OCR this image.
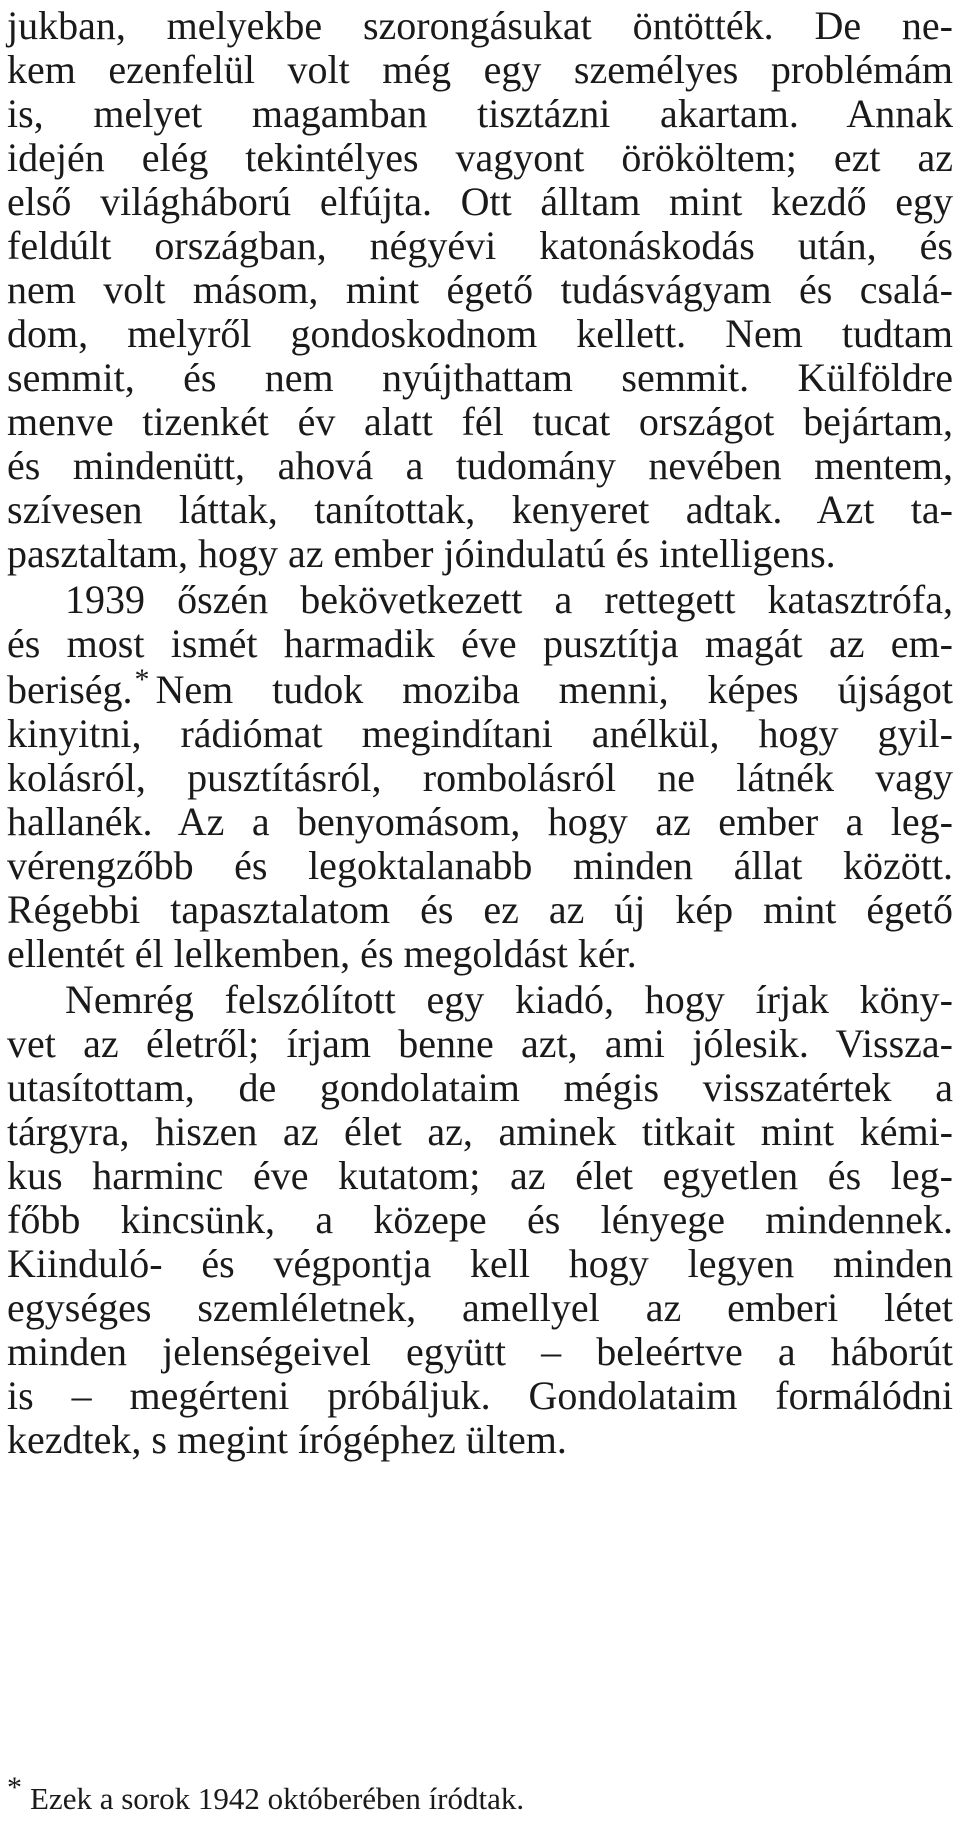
jukban, melyekbe szorongásukat öntötték. De ne-
kem ezenfelül volt még egy személyes problémám
is, melyet magamban tisztázni akartam. Annak
idején elég tekintélyes vagyont örököltem; ezt az
első világháború elfújta. Ott álltam mint kezdő egy
feldúlt országban, négyévi katonáskodás után, és
nem volt másom, mint égető tudásvágyam és csalá-
dom, melyről gondoskodnom kellett. Nem tudtam
semmit, és nem nyújthattam semmit. Külföldre
menve tizenkét év alatt fél tucat országot bejártam,
és mindenütt, ahová a tudomány nevében mentem,
szívesen láttak, tanítottak, kenyeret adtak. Azt ta-
pasztaltam, hogy az ember jóindulatú és intelligens.
1939 őszén bekövetkezett a rettegett katasztrófa,
és most ismét harmadik éve pusztítja magát az em-
beriség.* Nem tudok moziba menni, képes újságot
kinyitni, rádiómat megindítani anélkül, hogy gyil-
kolásról, pusztításról, rombolásról ne látnék vagy
hallanék. Az a benyomásom, hogy az ember a leg-
vérengzőbb és legoktalanabb minden állat között.
Régebbi tapasztalatom és ez az új kép mint égető
ellentét él lelkemben, és megoldást kér.
Nemrég felszólított egy kiadó, hogy írjak köny-
vet az életről; írjam benne azt, ami jólesik. Vissza-
utasítottam, de gondolataim mégis visszatértek a
tárgyra, hiszen az élet az, aminek titkait mint kémi-
kus harminc éve kutatom; az élet egyetlen és leg-
főbb kincsünk, a közepe és lényege mindennek.
Kiinduló- és végpontja kell hogy legyen minden
egységes szemléletnek, amellyel az emberi létet
minden jelenségeivel együtt – beleértve a háborút
is – megérteni próbáljuk. Gondolataim formálódni
kezdtek, s megint írógéphez ültem.
* Ezek a sorok 1942 októberében íródtak.
